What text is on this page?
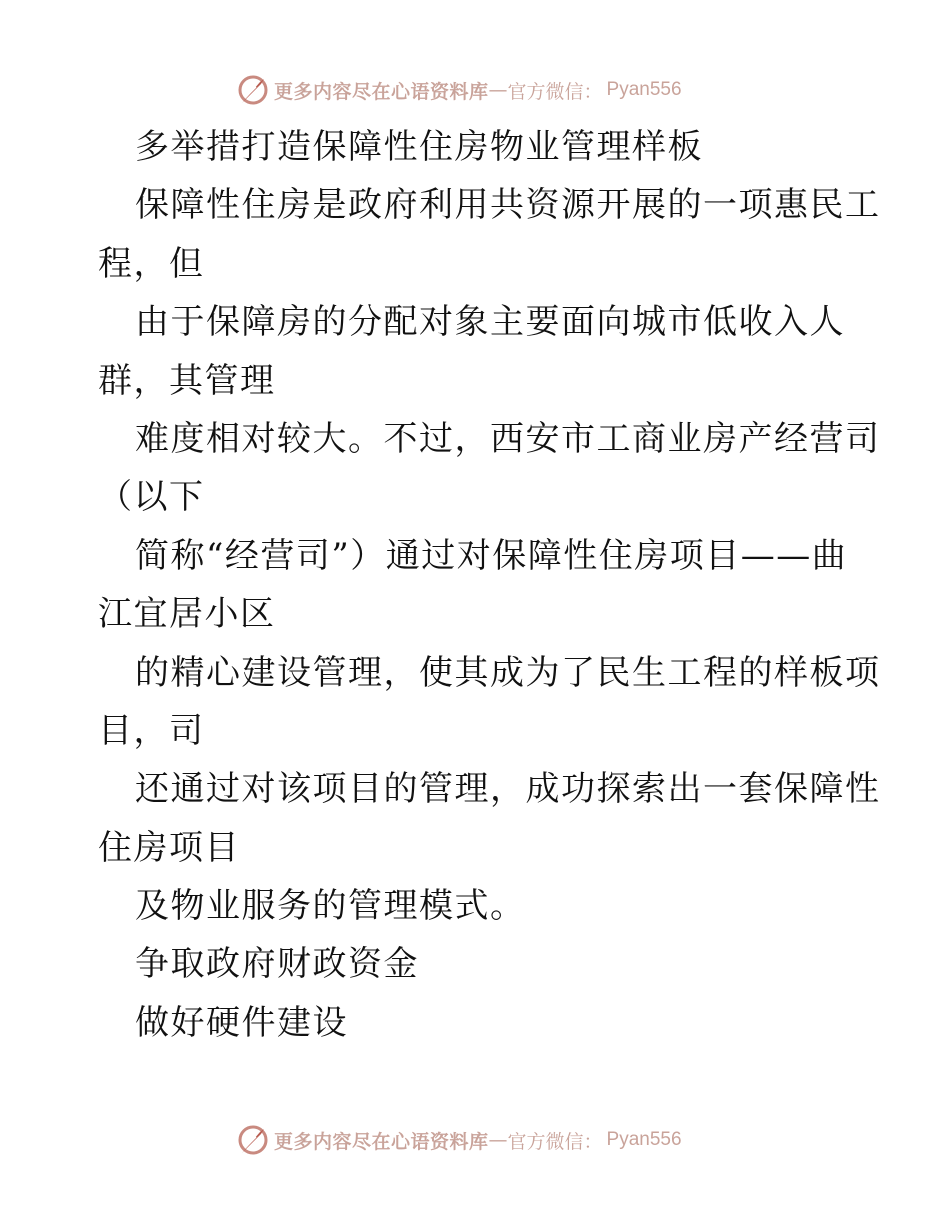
更多内容尽在心语资料库 — 官方微信： Pyan556
多举措打造保障性住房物业管理样板
保障性住房是政府利用共资源开展的一项惠民工
程，但
由于保障房的分配对象主要面向城市低收入人
群，其管理
难度相对较大。不过，西安市工商业房产经营司
（以下
简称“经营司”）通过对保障性住房项目——曲
江宜居小区
的精心建设管理，使其成为了民生工程的样板项
目，司
还通过对该项目的管理，成功探索出一套保障性
住房项目
及物业服务的管理模式。
争取政府财政资金
做好硬件建设
更多内容尽在心语资料库 — 官方微信： Pyan556
